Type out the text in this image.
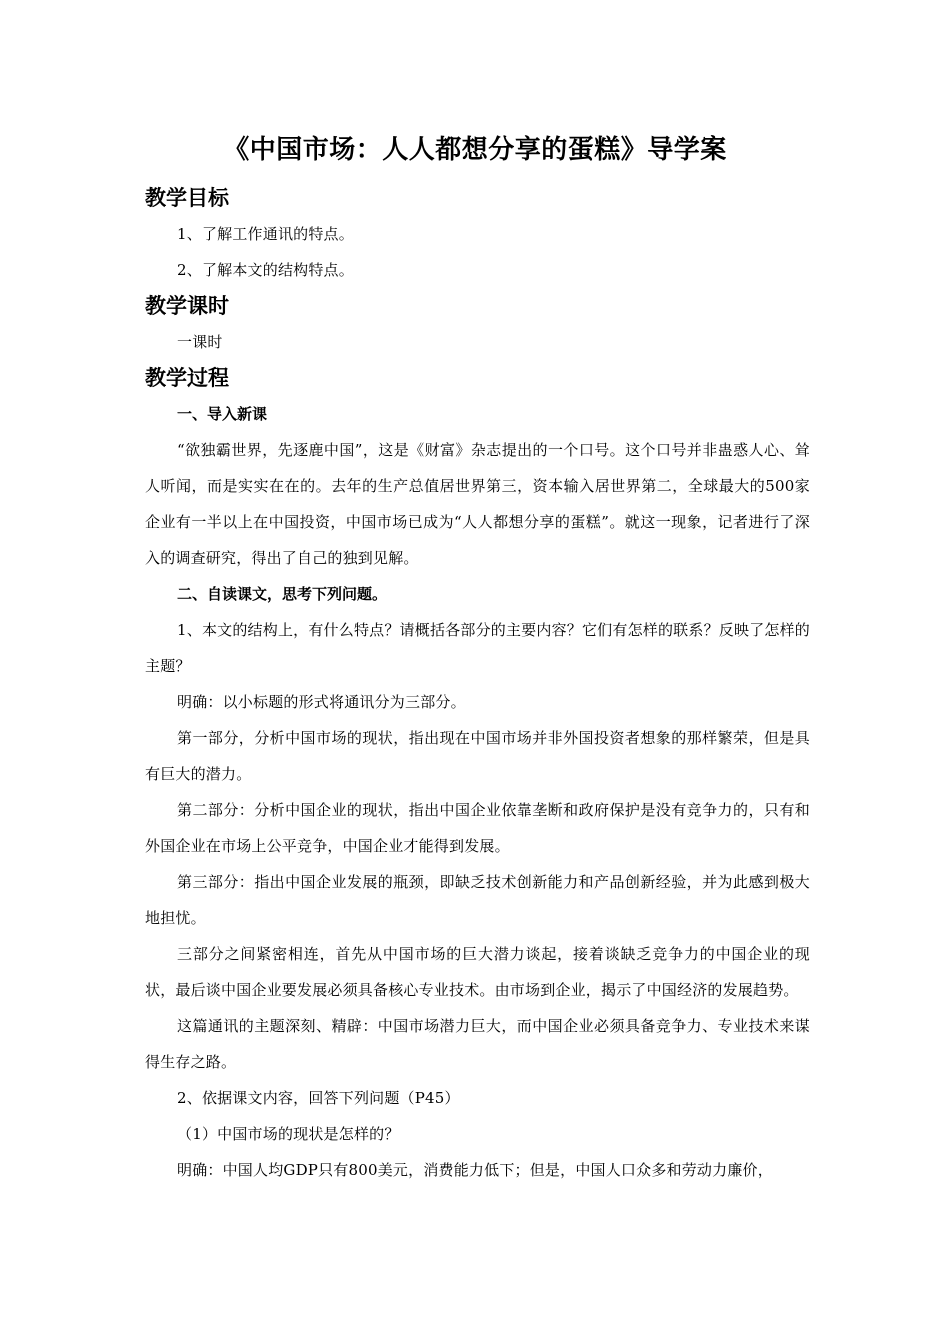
《中国市场：人人都想分享的蛋糕》导学案
教学目标

1、了解工作通讯的特点。

2、了解本文的结构特点。

教学课时

一课时

教学过程

一、导入新课

“欲独霸世界，先逐鹿中国”，这是《财富》杂志提出的一个口号。这个口号并非蛊惑人心、耸人听闻，而是实实在在的。去年的生产总值居世界第三，资本输入居世界第二，全球最大的500家企业有一半以上在中国投资，中国市场已成为“人人都想分享的蛋糕”。就这一现象，记者进行了深入的调查研究，得出了自己的独到见解。

二、自读课文，思考下列问题。

1、本文的结构上，有什么特点？请概括各部分的主要内容？它们有怎样的联系？反映了怎样的主题？

明确：以小标题的形式将通讯分为三部分。

第一部分，分析中国市场的现状，指出现在中国市场并非外国投资者想象的那样繁荣，但是具有巨大的潜力。

第二部分：分析中国企业的现状，指出中国企业依靠垄断和政府保护是没有竞争力的，只有和外国企业在市场上公平竞争，中国企业才能得到发展。

第三部分：指出中国企业发展的瓶颈，即缺乏技术创新能力和产品创新经验，并为此感到极大地担忧。

三部分之间紧密相连，首先从中国市场的巨大潜力谈起，接着谈缺乏竞争力的中国企业的现状，最后谈中国企业要发展必须具备核心专业技术。由市场到企业，揭示了中国经济的发展趋势。

这篇通讯的主题深刻、精辟：中国市场潜力巨大，而中国企业必须具备竞争力、专业技术来谋得生存之路。

2、依据课文内容，回答下列问题（P45）

（1）中国市场的现状是怎样的？

明确：中国人均GDP只有800美元，消费能力低下；但是，中国人口众多和劳动力廉价，
